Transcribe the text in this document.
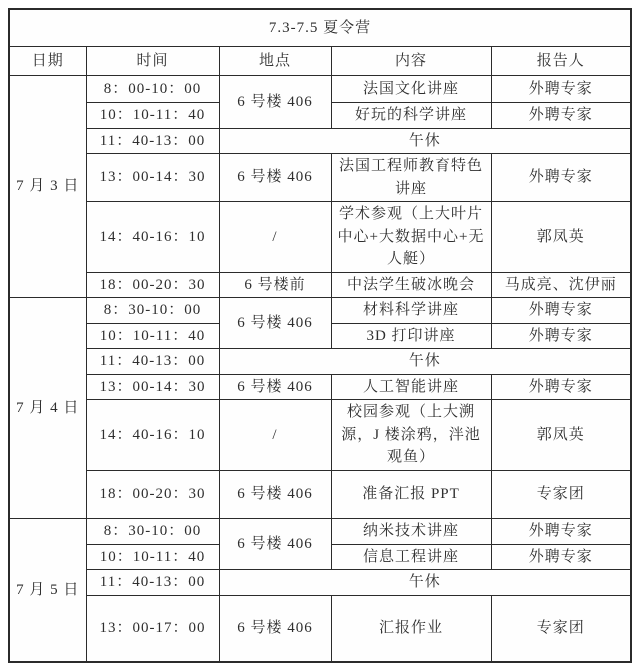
7.3-7.5 夏令营				
日期	时间	地点	内容	报告人
7 月 3 日	8：00-10：00	6 号楼 406	法国文化讲座	外聘专家
	10：10-11：40		好玩的科学讲座	外聘专家
	11：40-13：00	午休		
	13：00-14：30	6 号楼 406	法国工程师教育特色讲座	外聘专家
	14：40-16：10	/	学术参观（上大叶片中心+大数据中心+无人艇）	郭凤英
	18：00-20：30	6 号楼前	中法学生破冰晚会	马成亮、沈伊丽
7 月 4 日	8：30-10：00	6 号楼 406	材料科学讲座	外聘专家
	10：10-11：40		3D 打印讲座	外聘专家
	11：40-13：00	午休		
	13：00-14：30	6 号楼 406	人工智能讲座	外聘专家
	14：40-16：10	/	校园参观（上大溯源，J 楼涂鸦，泮池观鱼）	郭凤英
	18：00-20：30	6 号楼 406	准备汇报 PPT	专家团
7 月 5 日	8：30-10：00	6 号楼 406	纳米技术讲座	外聘专家
	10：10-11：40		信息工程讲座	外聘专家
	11：40-13：00	午休		
	13：00-17：00	6 号楼 406	汇报作业	专家团
